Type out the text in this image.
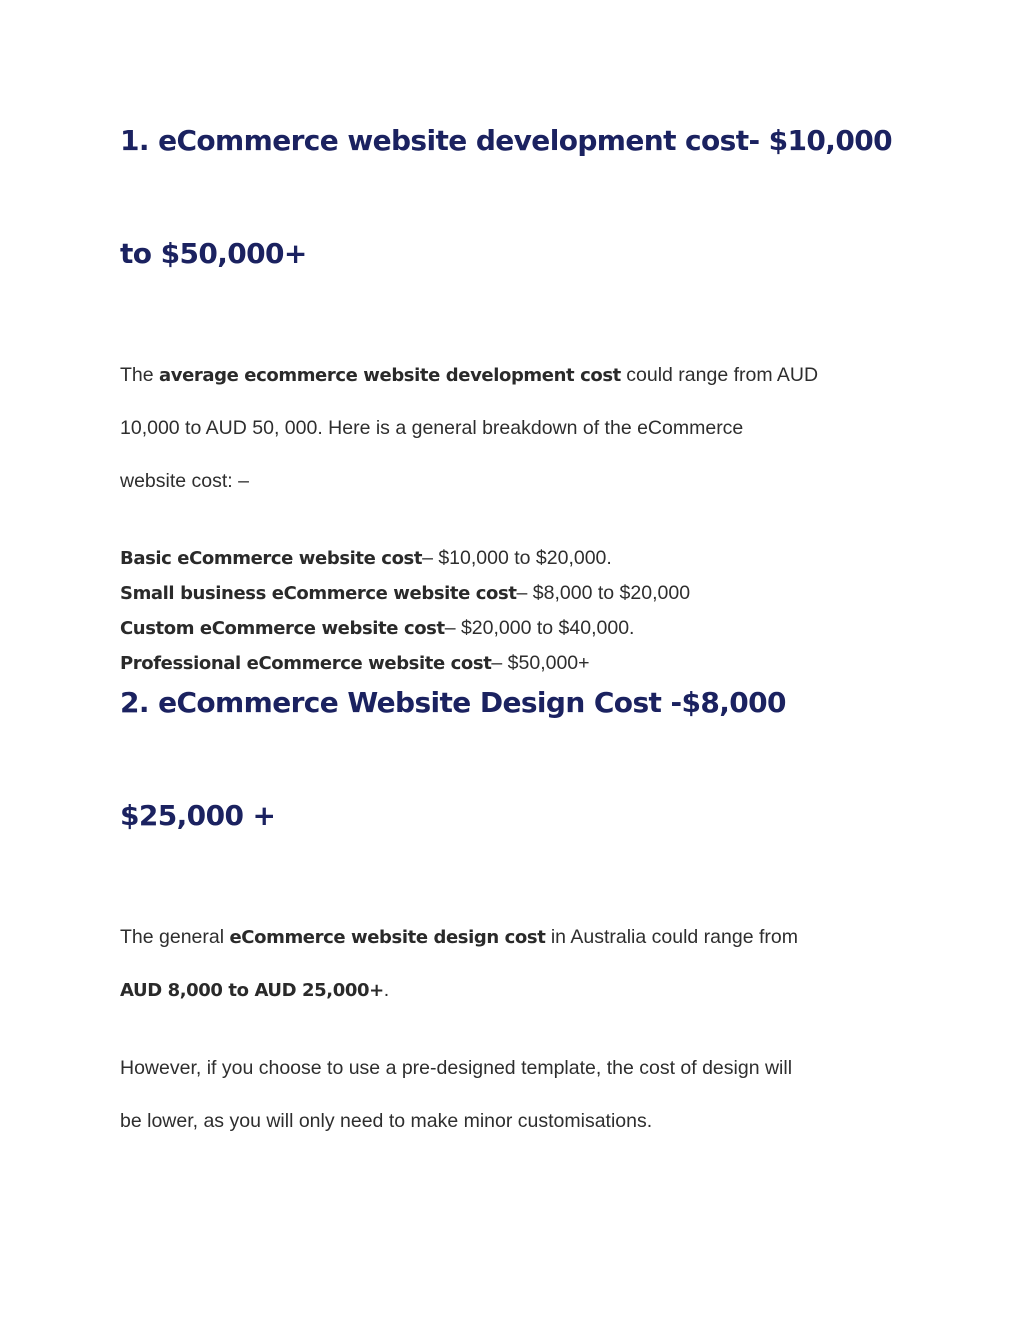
1. eCommerce website development cost- $10,000
to $50,000+

The average ecommerce website development cost could range from AUD

10,000 to AUD 50, 000. Here is a general breakdown of the eCommerce

website cost: –

Basic eCommerce website cost– $10,000 to $20,000.

Small business eCommerce website cost– $8,000 to $20,000

Custom eCommerce website cost– $20,000 to $40,000.

Professional eCommerce website cost– $50,000+

2. eCommerce Website Design Cost -$8,000
$25,000 +

The general eCommerce website design cost in Australia could range from

AUD 8,000 to AUD 25,000+.

However, if you choose to use a pre-designed template, the cost of design will

be lower, as you will only need to make minor customisations.
